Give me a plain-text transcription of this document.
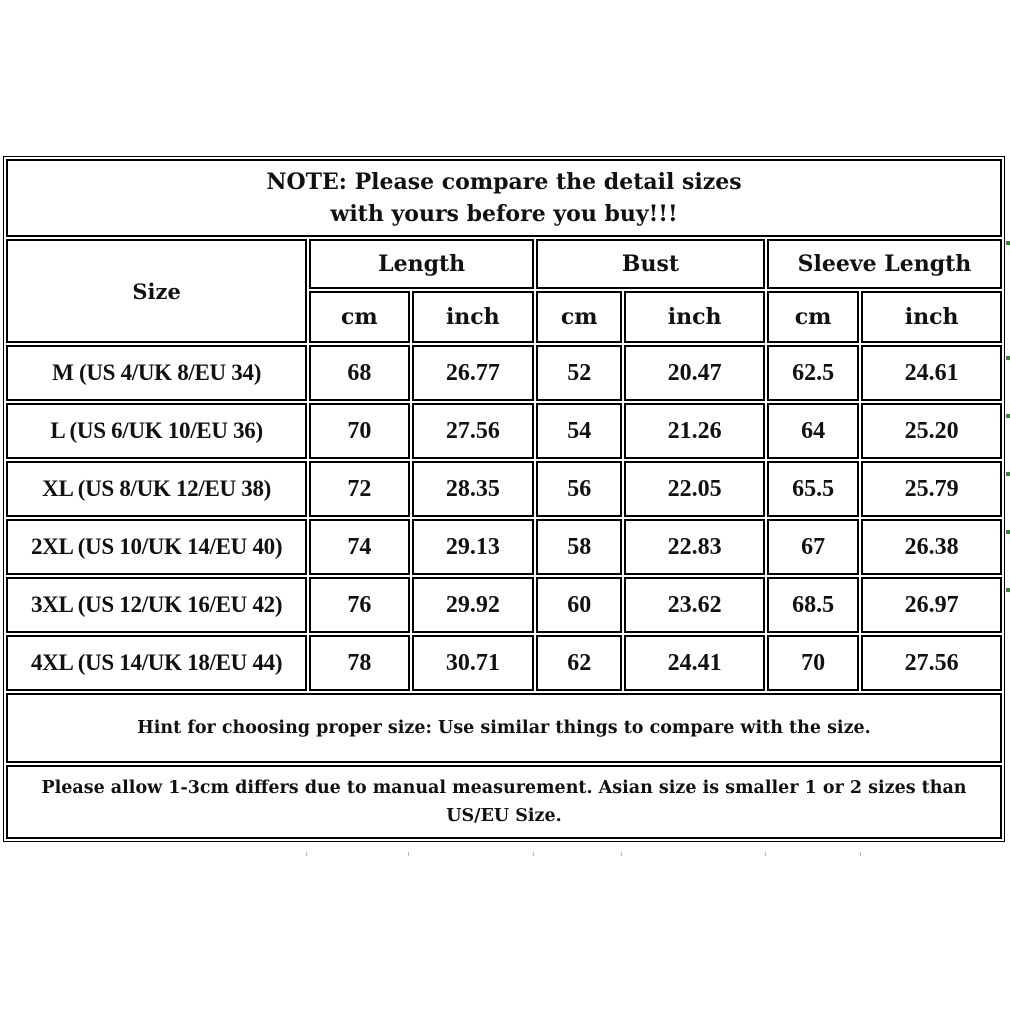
NOTE: Please compare the detail sizes
with yours before you buy!!!						

Size	Length		Bust		Sleeve Length	
	cm	inch	cm	inch	cm	inch
M (US 4/UK 8/EU 34)	68	26.77	52	20.47	62.5	24.61
L (US 6/UK 10/EU 36)	70	27.56	54	21.26	64	25.20
XL (US 8/UK 12/EU 38)	72	28.35	56	22.05	65.5	25.79
2XL (US 10/UK 14/EU 40)	74	29.13	58	22.83	67	26.38
3XL (US 12/UK 16/EU 42)	76	29.92	60	23.62	68.5	26.97
4XL (US 14/UK 18/EU 44)	78	30.71	62	24.41	70	27.56
Hint for choosing proper size: Use similar things to compare with the size.						
Please allow 1-3cm differs due to manual measurement. Asian size is smaller 1 or 2 sizes than US/EU Size.						
